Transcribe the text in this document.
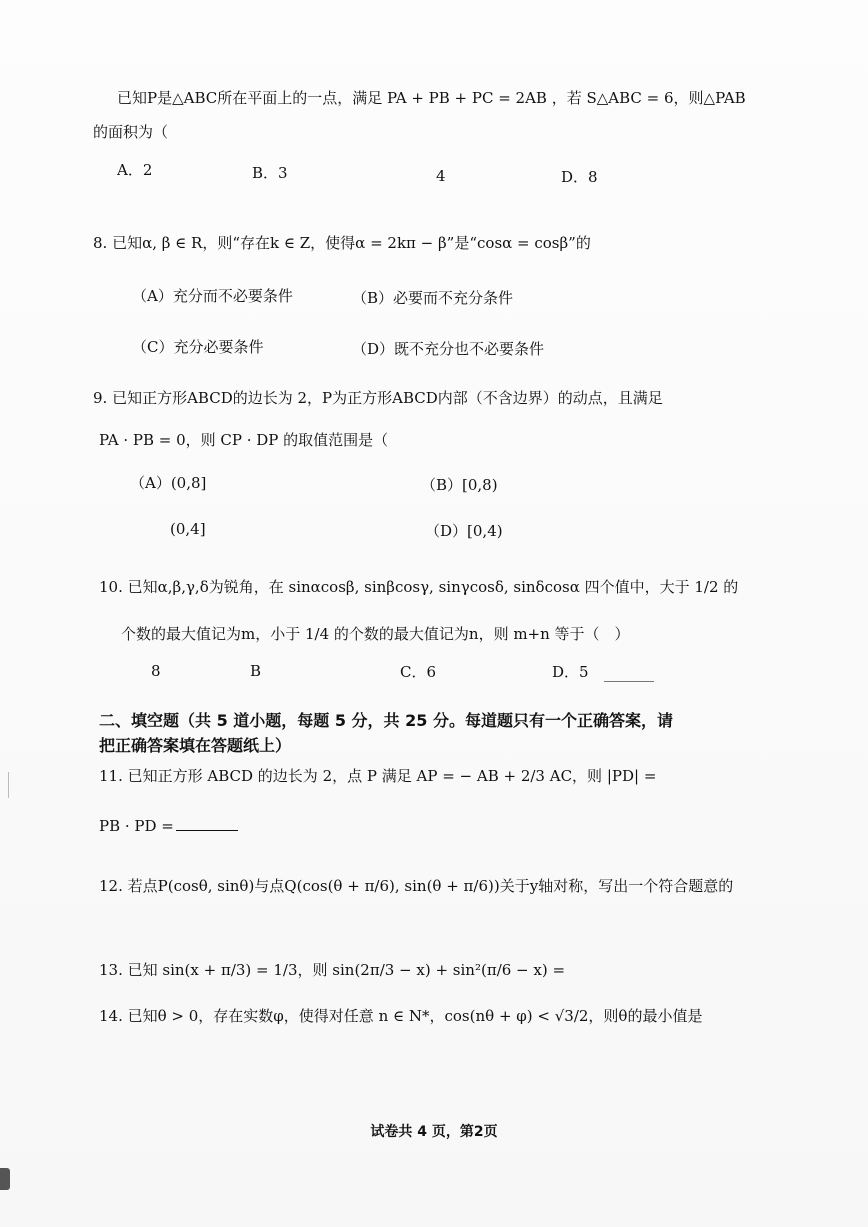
已知P是△ABC所在平面上的一点，满足 PA + PB + PC = 2AB ，若 S△ABC = 6，则△PAB
的面积为（
A．2	B．3	4	D．8
8. 已知α, β ∈ R，则“存在k ∈ Z，使得α = 2kπ − β”是“cosα = cosβ”的
（A）充分而不必要条件	（B）必要而不充分条件
（C）充分必要条件	（D）既不充分也不必要条件
9. 已知正方形ABCD的边长为 2，P为正方形ABCD内部（不含边界）的动点，且满足
PA · PB = 0，则 CP · DP 的取值范围是（
（A）(0,8]	（B）[0,8)
(0,4]	（D）[0,4)
10. 已知α,β,γ,δ为锐角，在 sinαcosβ, sinβcosγ, sinγcosδ, sinδcosα 四个值中，大于 1/2 的
个数的最大值记为m，小于 1/4 的个数的最大值记为n，则 m+n 等于（　）
8	B	C．6	D．5
二、填空题（共 5 道小题，每题 5 分，共 25 分。每道题只有一个正确答案，请
把正确答案填在答题纸上）
11. 已知正方形 ABCD 的边长为 2，点 P 满足 AP = − AB + 2/3 AC，则 |PD| =
PB · PD =
12. 若点P(cosθ, sinθ)与点Q(cos(θ + π/6), sin(θ + π/6))关于y轴对称，写出一个符合题意的
13. 已知 sin(x + π/3) = 1/3，则 sin(2π/3 − x) + sin²(π/6 − x) =
14. 已知θ > 0，存在实数φ，使得对任意 n ∈ N*，cos(nθ + φ) < √3/2，则θ的最小值是
试卷共 4 页，第2页
